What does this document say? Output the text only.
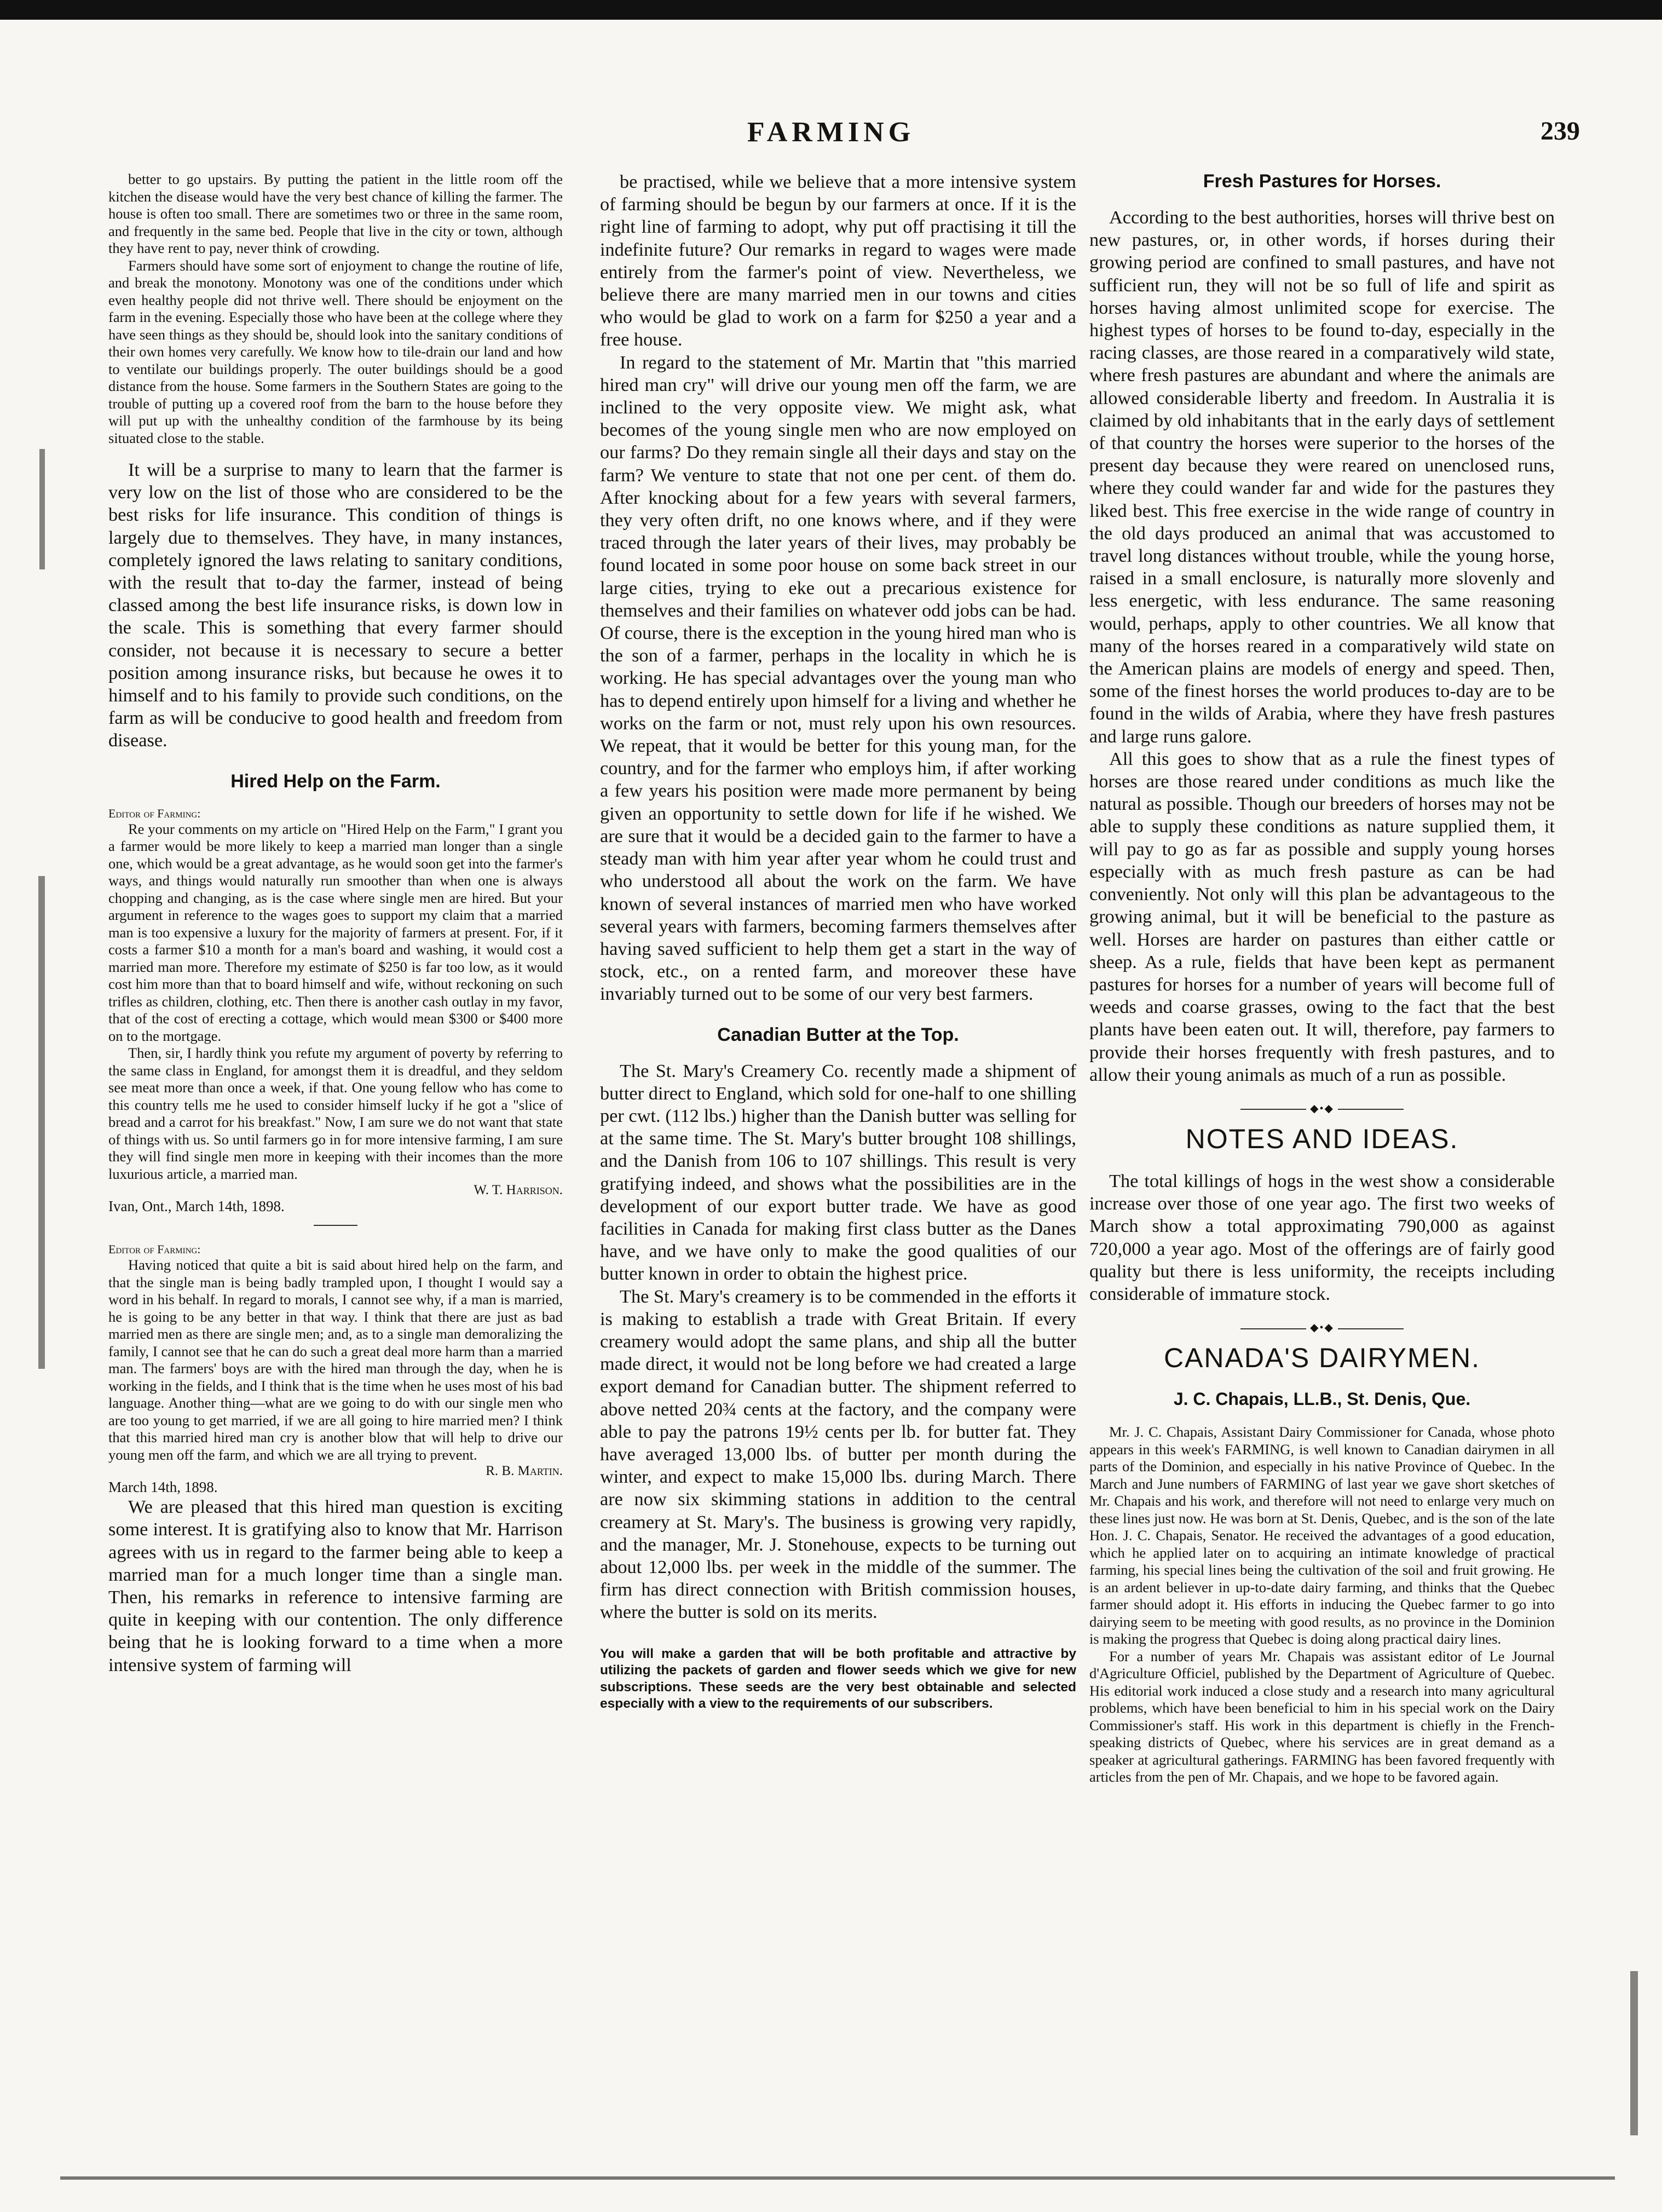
FARMING	239

better to go upstairs. By putting the patient in the little room off the kitchen the disease would have the very best chance of killing the farmer. The house is often too small. There are sometimes two or three in the same room, and frequently in the same bed. People that live in the city or town, although they have rent to pay, never think of crowding.

Farmers should have some sort of enjoyment to change the routine of life, and break the monotony. Monotony was one of the conditions under which even healthy people did not thrive well. There should be enjoyment on the farm in the evening. Especially those who have been at the college where they have seen things as they should be, should look into the sanitary conditions of their own homes very carefully. We know how to tile-drain our land and how to ventilate our buildings properly. The outer buildings should be a good distance from the house. Some farmers in the Southern States are going to the trouble of putting up a covered roof from the barn to the house before they will put up with the unhealthy condition of the farmhouse by its being situated close to the stable.

It will be a surprise to many to learn that the farmer is very low on the list of those who are considered to be the best risks for life insurance. This condition of things is largely due to themselves. They have, in many instances, completely ignored the laws relating to sanitary conditions, with the result that to-day the farmer, instead of being classed among the best life insurance risks, is down low in the scale. This is something that every farmer should consider, not because it is necessary to secure a better position among insurance risks, but because he owes it to himself and to his family to provide such conditions, on the farm as will be conducive to good health and freedom from disease.

Hired Help on the Farm.

Editor of Farming:

Re your comments on my article on "Hired Help on the Farm," I grant you a farmer would be more likely to keep a married man longer than a single one, which would be a great advantage, as he would soon get into the farmer's ways, and things would naturally run smoother than when one is always chopping and changing, as is the case where single men are hired. But your argument in reference to the wages goes to support my claim that a married man is too expensive a luxury for the majority of farmers at present. For, if it costs a farmer $10 a month for a man's board and washing, it would cost a married man more. Therefore my estimate of $250 is far too low, as it would cost him more than that to board himself and wife, without reckoning on such trifles as children, clothing, etc. Then there is another cash outlay in my favor, that of the cost of erecting a cottage, which would mean $300 or $400 more on to the mortgage.

Then, sir, I hardly think you refute my argument of poverty by referring to the same class in England, for amongst them it is dreadful, and they seldom see meat more than once a week, if that. One young fellow who has come to this country tells me he used to consider himself lucky if he got a "slice of bread and a carrot for his breakfast." Now, I am sure we do not want that state of things with us. So until farmers go in for more intensive farming, I am sure they will find single men more in keeping with their incomes than the more luxurious article, a married man.

W. T. Harrison.

Ivan, Ont., March 14th, 1898.

Editor of Farming:

Having noticed that quite a bit is said about hired help on the farm, and that the single man is being badly trampled upon, I thought I would say a word in his behalf. In regard to morals, I cannot see why, if a man is married, he is going to be any better in that way. I think that there are just as bad married men as there are single men; and, as to a single man demoralizing the family, I cannot see that he can do such a great deal more harm than a married man. The farmers' boys are with the hired man through the day, when he is working in the fields, and I think that is the time when he uses most of his bad language. Another thing—what are we going to do with our single men who are too young to get married, if we are all going to hire married men? I think that this married hired man cry is another blow that will help to drive our young men off the farm, and which we are all trying to prevent.

R. B. Martin.

March 14th, 1898.

We are pleased that this hired man question is exciting some interest. It is gratifying also to know that Mr. Harrison agrees with us in regard to the farmer being able to keep a married man for a much longer time than a single man. Then, his remarks in reference to intensive farming are quite in keeping with our contention. The only difference being that he is looking forward to a time when a more intensive system of farming will

be practised, while we believe that a more intensive system of farming should be begun by our farmers at once. If it is the right line of farming to adopt, why put off practising it till the indefinite future? Our remarks in regard to wages were made entirely from the farmer's point of view. Nevertheless, we believe there are many married men in our towns and cities who would be glad to work on a farm for $250 a year and a free house.

In regard to the statement of Mr. Martin that "this married hired man cry" will drive our young men off the farm, we are inclined to the very opposite view. We might ask, what becomes of the young single men who are now employed on our farms? Do they remain single all their days and stay on the farm? We venture to state that not one per cent. of them do. After knocking about for a few years with several farmers, they very often drift, no one knows where, and if they were traced through the later years of their lives, may probably be found located in some poor house on some back street in our large cities, trying to eke out a precarious existence for themselves and their families on whatever odd jobs can be had. Of course, there is the exception in the young hired man who is the son of a farmer, perhaps in the locality in which he is working. He has special advantages over the young man who has to depend entirely upon himself for a living and whether he works on the farm or not, must rely upon his own resources. We repeat, that it would be better for this young man, for the country, and for the farmer who employs him, if after working a few years his position were made more permanent by being given an opportunity to settle down for life if he wished. We are sure that it would be a decided gain to the farmer to have a steady man with him year after year whom he could trust and who understood all about the work on the farm. We have known of several instances of married men who have worked several years with farmers, becoming farmers themselves after having saved sufficient to help them get a start in the way of stock, etc., on a rented farm, and moreover these have invariably turned out to be some of our very best farmers.

Canadian Butter at the Top.

The St. Mary's Creamery Co. recently made a shipment of butter direct to England, which sold for one-half to one shilling per cwt. (112 lbs.) higher than the Danish butter was selling for at the same time. The St. Mary's butter brought 108 shillings, and the Danish from 106 to 107 shillings. This result is very gratifying indeed, and shows what the possibilities are in the development of our export butter trade. We have as good facilities in Canada for making first class butter as the Danes have, and we have only to make the good qualities of our butter known in order to obtain the highest price.

The St. Mary's creamery is to be commended in the efforts it is making to establish a trade with Great Britain. If every creamery would adopt the same plans, and ship all the butter made direct, it would not be long before we had created a large export demand for Canadian butter. The shipment referred to above netted 20¾ cents at the factory, and the company were able to pay the patrons 19½ cents per lb. for butter fat. They have averaged 13,000 lbs. of butter per month during the winter, and expect to make 15,000 lbs. during March. There are now six skimming stations in addition to the central creamery at St. Mary's. The business is growing very rapidly, and the manager, Mr. J. Stonehouse, expects to be turning out about 12,000 lbs. per week in the middle of the summer. The firm has direct connection with British commission houses, where the butter is sold on its merits.

You will make a garden that will be both profitable and attractive by utilizing the packets of garden and flower seeds which we give for new subscriptions. These seeds are the very best obtainable and selected especially with a view to the requirements of our subscribers.

Fresh Pastures for Horses.

According to the best authorities, horses will thrive best on new pastures, or, in other words, if horses during their growing period are confined to small pastures, and have not sufficient run, they will not be so full of life and spirit as horses having almost unlimited scope for exercise. The highest types of horses to be found to-day, especially in the racing classes, are those reared in a comparatively wild state, where fresh pastures are abundant and where the animals are allowed considerable liberty and freedom. In Australia it is claimed by old inhabitants that in the early days of settlement of that country the horses were superior to the horses of the present day because they were reared on unenclosed runs, where they could wander far and wide for the pastures they liked best. This free exercise in the wide range of country in the old days produced an animal that was accustomed to travel long distances without trouble, while the young horse, raised in a small enclosure, is naturally more slovenly and less energetic, with less endurance. The same reasoning would, perhaps, apply to other countries. We all know that many of the horses reared in a comparatively wild state on the American plains are models of energy and speed. Then, some of the finest horses the world produces to-day are to be found in the wilds of Arabia, where they have fresh pastures and large runs galore.

All this goes to show that as a rule the finest types of horses are those reared under conditions as much like the natural as possible. Though our breeders of horses may not be able to supply these conditions as nature supplied them, it will pay to go as far as possible and supply young horses especially with as much fresh pasture as can be had conveniently. Not only will this plan be advantageous to the growing animal, but it will be beneficial to the pasture as well. Horses are harder on pastures than either cattle or sheep. As a rule, fields that have been kept as permanent pastures for horses for a number of years will become full of weeds and coarse grasses, owing to the fact that the best plants have been eaten out. It will, therefore, pay farmers to provide their horses frequently with fresh pastures, and to allow their young animals as much of a run as possible.

◆•◆
NOTES AND IDEAS.

The total killings of hogs in the west show a considerable increase over those of one year ago. The first two weeks of March show a total approximating 790,000 as against 720,000 a year ago. Most of the offerings are of fairly good quality but there is less uniformity, the receipts including considerable of immature stock.

◆•◆
CANADA'S DAIRYMEN.
J. C. Chapais, LL.B., St. Denis, Que.

Mr. J. C. Chapais, Assistant Dairy Commissioner for Canada, whose photo appears in this week's FARMING, is well known to Canadian dairymen in all parts of the Dominion, and especially in his native Province of Quebec. In the March and June numbers of FARMING of last year we gave short sketches of Mr. Chapais and his work, and therefore will not need to enlarge very much on these lines just now. He was born at St. Denis, Quebec, and is the son of the late Hon. J. C. Chapais, Senator. He received the advantages of a good education, which he applied later on to acquiring an intimate knowledge of practical farming, his special lines being the cultivation of the soil and fruit growing. He is an ardent believer in up-to-date dairy farming, and thinks that the Quebec farmer should adopt it. His efforts in inducing the Quebec farmer to go into dairying seem to be meeting with good results, as no province in the Dominion is making the progress that Quebec is doing along practical dairy lines.

For a number of years Mr. Chapais was assistant editor of Le Journal d'Agriculture Officiel, published by the Department of Agriculture of Quebec. His editorial work induced a close study and a research into many agricultural problems, which have been beneficial to him in his special work on the Dairy Commissioner's staff. His work in this department is chiefly in the French-speaking districts of Quebec, where his services are in great demand as a speaker at agricultural gatherings. FARMING has been favored frequently with articles from the pen of Mr. Chapais, and we hope to be favored again.
